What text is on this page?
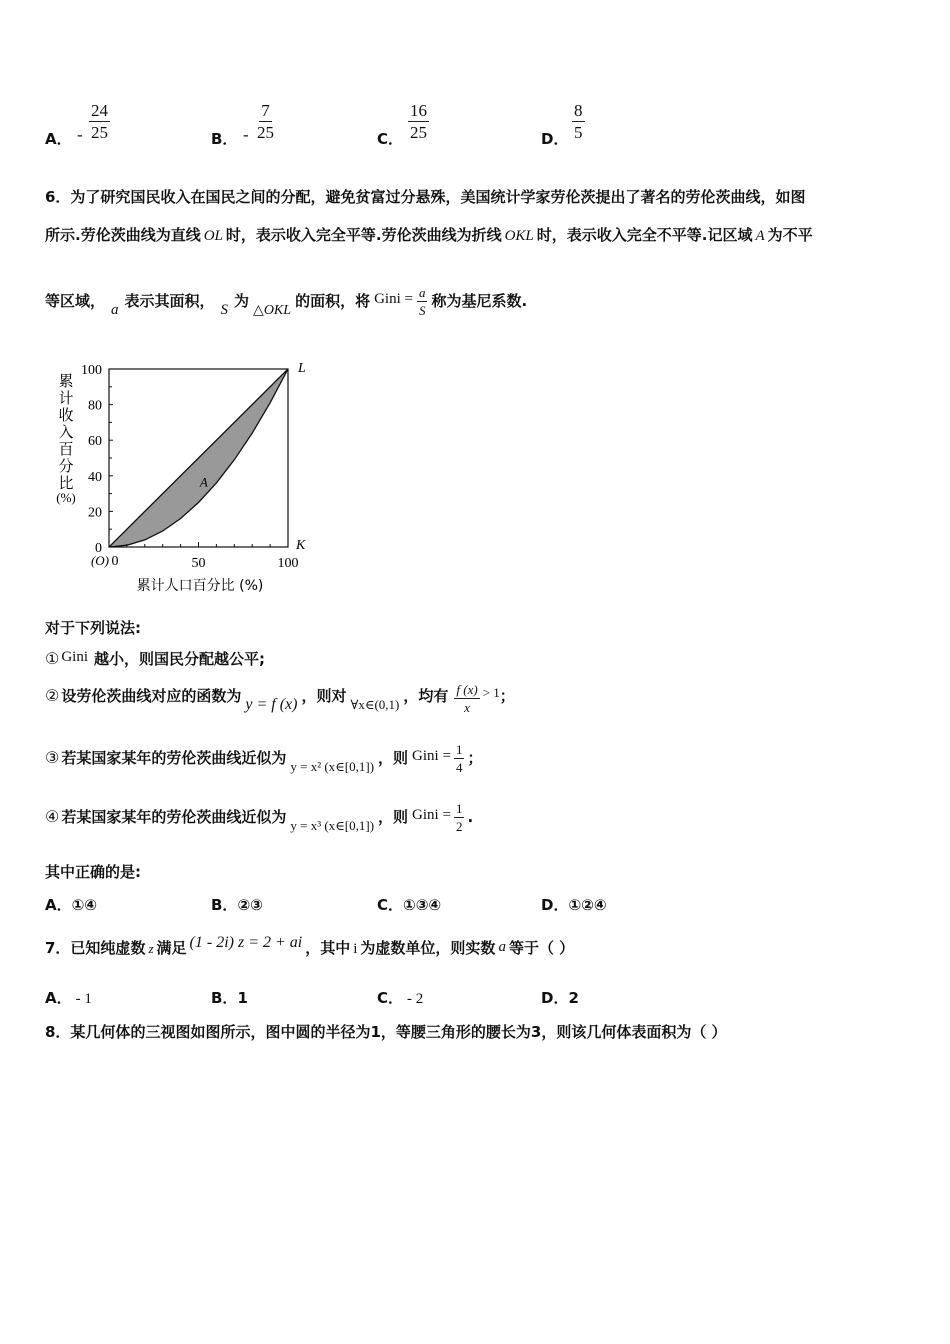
A． - $\frac{24}{25}$	B． - $\frac{7}{25}$	C． $\frac{16}{25}$	D． $\frac{8}{5}$
6．为了研究国民收入在国民之间的分配，避免贫富过分悬殊，美国统计学家劳伦茨提出了著名的劳伦茨曲线，如图
所示.劳伦茨曲线为直线 OL 时，表示收入完全平等.劳伦茨曲线为折线 OKL 时，表示收入完全不平等.记区域 A 为不平
等区域， a 表示其面积， S 为△OKL的面积，将 Gini = $\frac{a}{S}$ 称为基尼系数.
累
计
收
入
百
分
比
(%)
100
80
60
40
20
0
0	50	100
(O)
L
K
A
累计人口百分比 (%)
对于下列说法:
① Gini 越小，则国民分配越公平;
② 设劳伦茨曲线对应的函数为 y = f (x) ，则对 ∀x∈(0,1) ，均有 $\frac{f (x)}{x} > 1$；
③ 若某国家某年的劳伦茨曲线近似为 y = x² (x∈[0,1]) ，则 Gini = $\frac{1}{4}$ ；
④ 若某国家某年的劳伦茨曲线近似为 y = x³ (x∈[0,1]) ，则 Gini = $\frac{1}{2}$ .
其中正确的是:
A．①④	B．②③	C．①③④	D．①②④
7．已知纯虚数 z 满足 (1 - 2i) z = 2 + ai ，其中 i 为虚数单位，则实数 a 等于（ ）
A． - 1	B．1	C． - 2	D．2
8．某几何体的三视图如图所示，图中圆的半径为1，等腰三角形的腰长为3，则该几何体表面积为（ ）
